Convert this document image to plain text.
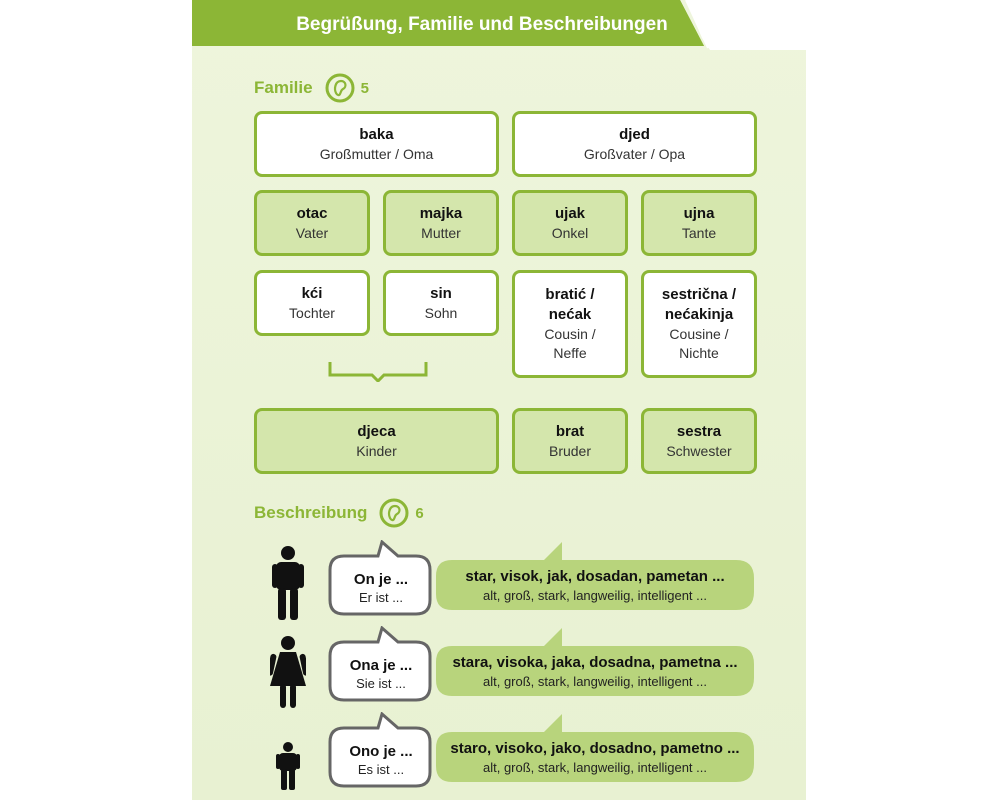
Begrüßung, Familie und Beschreibungen
Familie	5
baka
Großmutter / Oma
djed
Großvater / Opa
otac
Vater
majka
Mutter
ujak
Onkel
ujna
Tante
kći
Tochter
sin
Sohn
bratić /
nećak
Cousin /
Neffe
sestrična /
nećakinja
Cousine /
Nichte
djeca
Kinder
brat
Bruder
sestra
Schwester
Beschreibung	6
On je ...
Er ist ...
star, visok, jak, dosadan, pametan ...
alt, groß, stark, langweilig, intelligent ...
Ona je ...
Sie ist ...
stara, visoka, jaka, dosadna, pametna ...
alt, groß, stark, langweilig, intelligent ...
Ono je ...
Es ist ...
staro, visoko, jako, dosadno, pametno ...
alt, groß, stark, langweilig, intelligent ...
